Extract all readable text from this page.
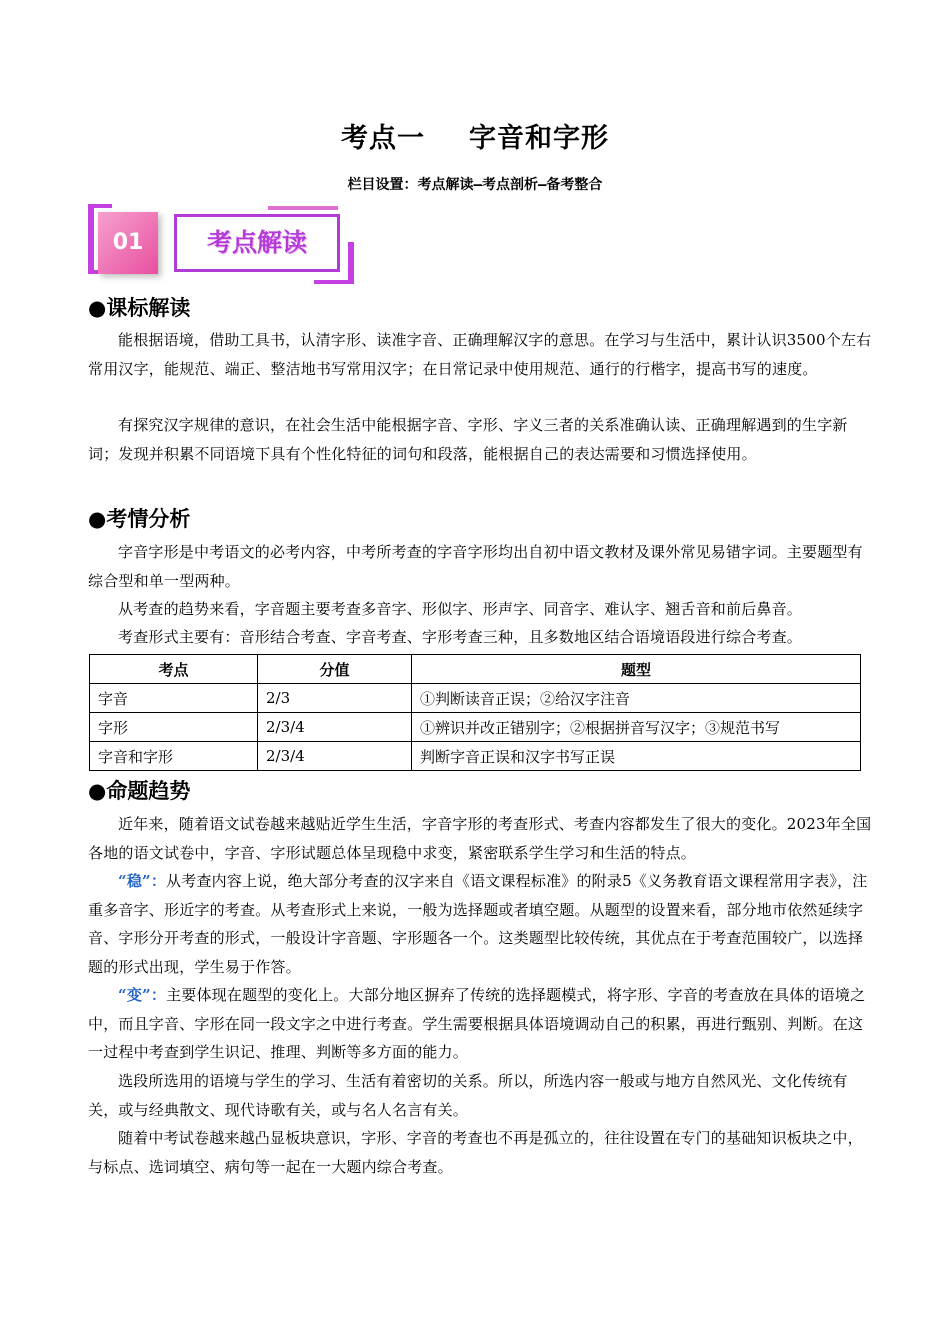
考点一 字音和字形
栏目设置：考点解读—考点剖析—备考整合
01	考点解读
●课标解读
能根据语境，借助工具书，认清字形、读准字音、正确理解汉字的意思。在学习与生活中，累计认识3500个左右常用汉字，能规范、端正、整洁地书写常用汉字；在日常记录中使用规范、通行的行楷字，提高书写的速度。
有探究汉字规律的意识，在社会生活中能根据字音、字形、字义三者的关系准确认读、正确理解遇到的生字新词；发现并积累不同语境下具有个性化特征的词句和段落，能根据自己的表达需要和习惯选择使用。
●考情分析
字音字形是中考语文的必考内容，中考所考查的字音字形均出自初中语文教材及课外常见易错字词。主要题型有综合型和单一型两种。
从考查的趋势来看，字音题主要考查多音字、形似字、形声字、同音字、难认字、翘舌音和前后鼻音。
考查形式主要有：音形结合考查、字音考查、字形考查三种，且多数地区结合语境语段进行综合考查。
考点	分值	题型
字音	2/3	①判断读音正误；②给汉字注音
字形	2/3/4	①辨识并改正错别字；②根据拼音写汉字；③规范书写
字音和字形	2/3/4	判断字音正误和汉字书写正误
●命题趋势
近年来，随着语文试卷越来越贴近学生生活，字音字形的考查形式、考查内容都发生了很大的变化。2023年全国各地的语文试卷中，字音、字形试题总体呈现稳中求变，紧密联系学生学习和生活的特点。
“稳”：从考查内容上说，绝大部分考查的汉字来自《语文课程标准》的附录5《义务教育语文课程常用字表》，注重多音字、形近字的考查。从考查形式上来说，一般为选择题或者填空题。从题型的设置来看，部分地市依然延续字音、字形分开考查的形式，一般设计字音题、字形题各一个。这类题型比较传统，其优点在于考查范围较广，以选择题的形式出现，学生易于作答。
“变”：主要体现在题型的变化上。大部分地区摒弃了传统的选择题模式，将字形、字音的考查放在具体的语境之中，而且字音、字形在同一段文字之中进行考查。学生需要根据具体语境调动自己的积累，再进行甄别、判断。在这一过程中考查到学生识记、推理、判断等多方面的能力。
选段所选用的语境与学生的学习、生活有着密切的关系。所以，所选内容一般或与地方自然风光、文化传统有关，或与经典散文、现代诗歌有关，或与名人名言有关。
随着中考试卷越来越凸显板块意识，字形、字音的考查也不再是孤立的，往往设置在专门的基础知识板块之中，与标点、选词填空、病句等一起在一大题内综合考查。
